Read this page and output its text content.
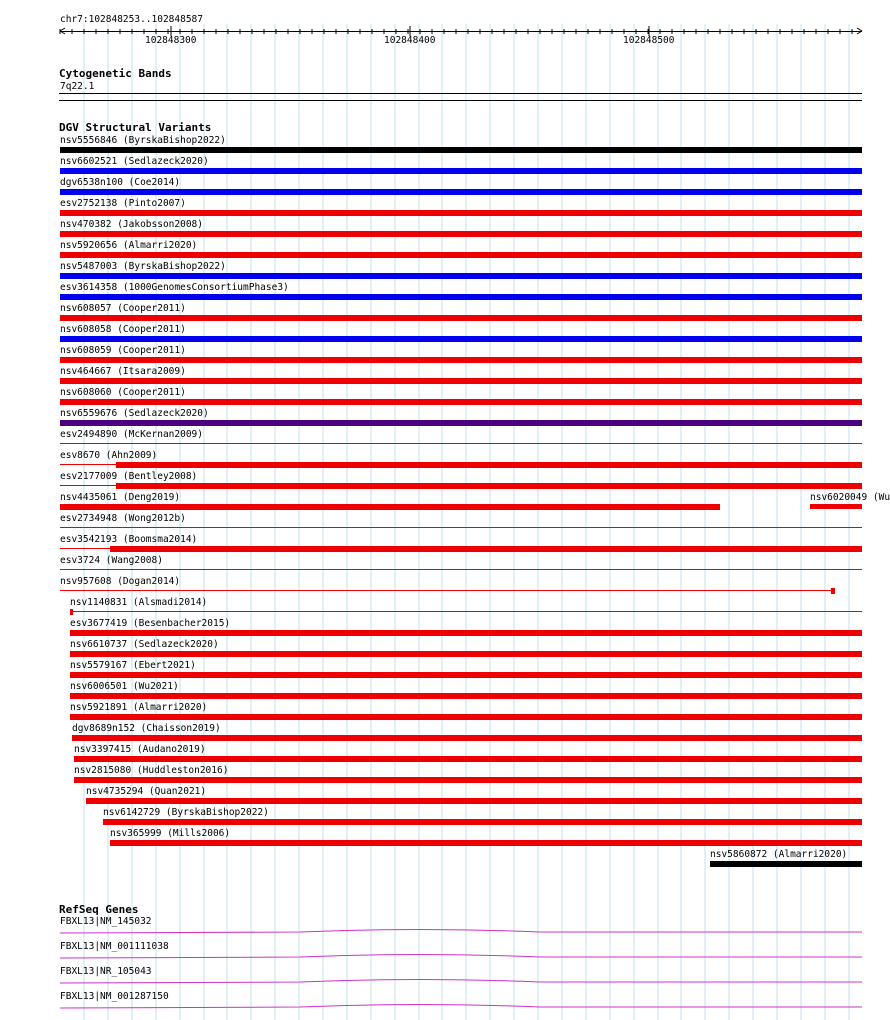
chr7:102848253..102848587
102848300	102848400	102848500
Cytogenetic Bands
7q22.1
DGV Structural Variants
nsv5556846 (ByrskaBishop2022)
nsv6602521 (Sedlazeck2020)
dgv6538n100 (Coe2014)
esv2752138 (Pinto2007)
nsv470382 (Jakobsson2008)
nsv5920656 (Almarri2020)
nsv5487003 (ByrskaBishop2022)
esv3614358 (1000GenomesConsortiumPhase3)
nsv608057 (Cooper2011)
nsv608058 (Cooper2011)
nsv608059 (Cooper2011)
nsv464667 (Itsara2009)
nsv608060 (Cooper2011)
nsv6559676 (Sedlazeck2020)
esv2494890 (McKernan2009)
esv8670 (Ahn2009)
esv2177009 (Bentley2008)
nsv4435061 (Deng2019)
esv2734948 (Wong2012b)
esv3542193 (Boomsma2014)
esv3724 (Wang2008)
nsv957608 (Dogan2014)
nsv1140831 (Alsmadi2014)
esv3677419 (Besenbacher2015)
nsv6610737 (Sedlazeck2020)
nsv5579167 (Ebert2021)
nsv6006501 (Wu2021)
nsv5921891 (Almarri2020)
dgv8689n152 (Chaisson2019)
nsv3397415 (Audano2019)
nsv2815080 (Huddleston2016)
nsv4735294 (Quan2021)
nsv6142729 (ByrskaBishop2022)
nsv365999 (Mills2006)
nsv5860872 (Almarri2020)
nsv6020049 (Wu
RefSeq Genes
FBXL13|NM_145032
FBXL13|NM_001111038
FBXL13|NR_105043
FBXL13|NM_001287150
